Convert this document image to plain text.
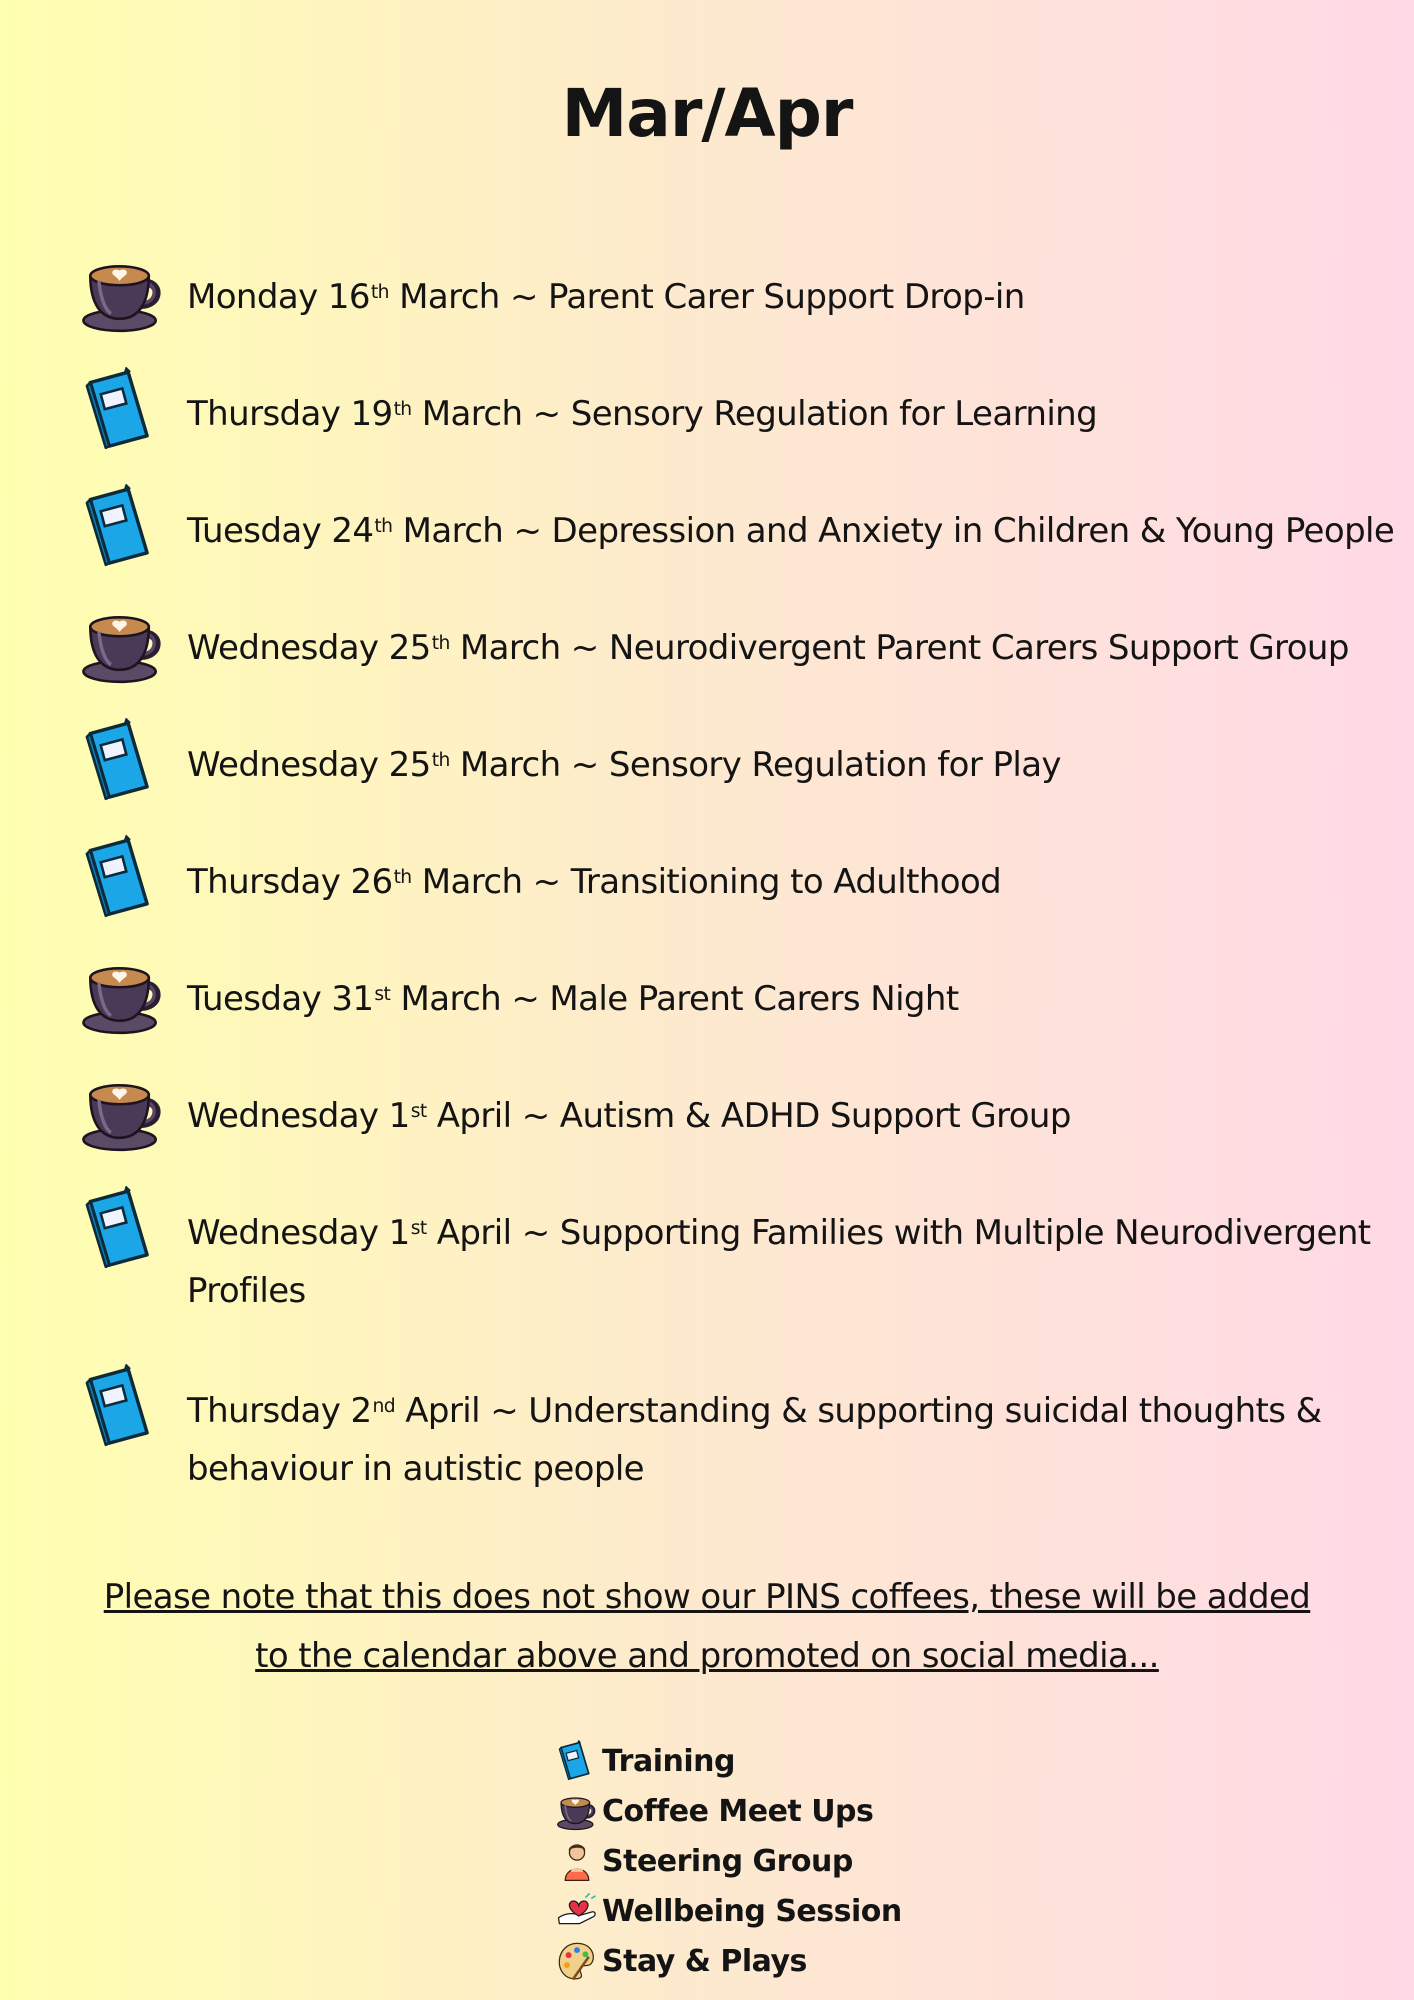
Mar/Apr
Monday 16th March ~ Parent Carer Support Drop-in
Thursday 19th March ~ Sensory Regulation for Learning
Tuesday 24th March ~ Depression and Anxiety in Children & Young People
Wednesday 25th March ~ Neurodivergent Parent Carers Support Group
Wednesday 25th March ~ Sensory Regulation for Play
Thursday 26th March ~ Transitioning to Adulthood
Tuesday 31st March ~ Male Parent Carers Night
Wednesday 1st April ~ Autism & ADHD Support Group
Wednesday 1st April ~ Supporting Families with Multiple Neurodivergent Profiles
Thursday 2nd April ~ Understanding & supporting suicidal thoughts & behaviour in autistic people
Please note that this does not show our PINS coffees, these will be added
to the calendar above and promoted on social media...
Training
Coffee Meet Ups
Steering Group
Wellbeing Session
Stay & Plays
